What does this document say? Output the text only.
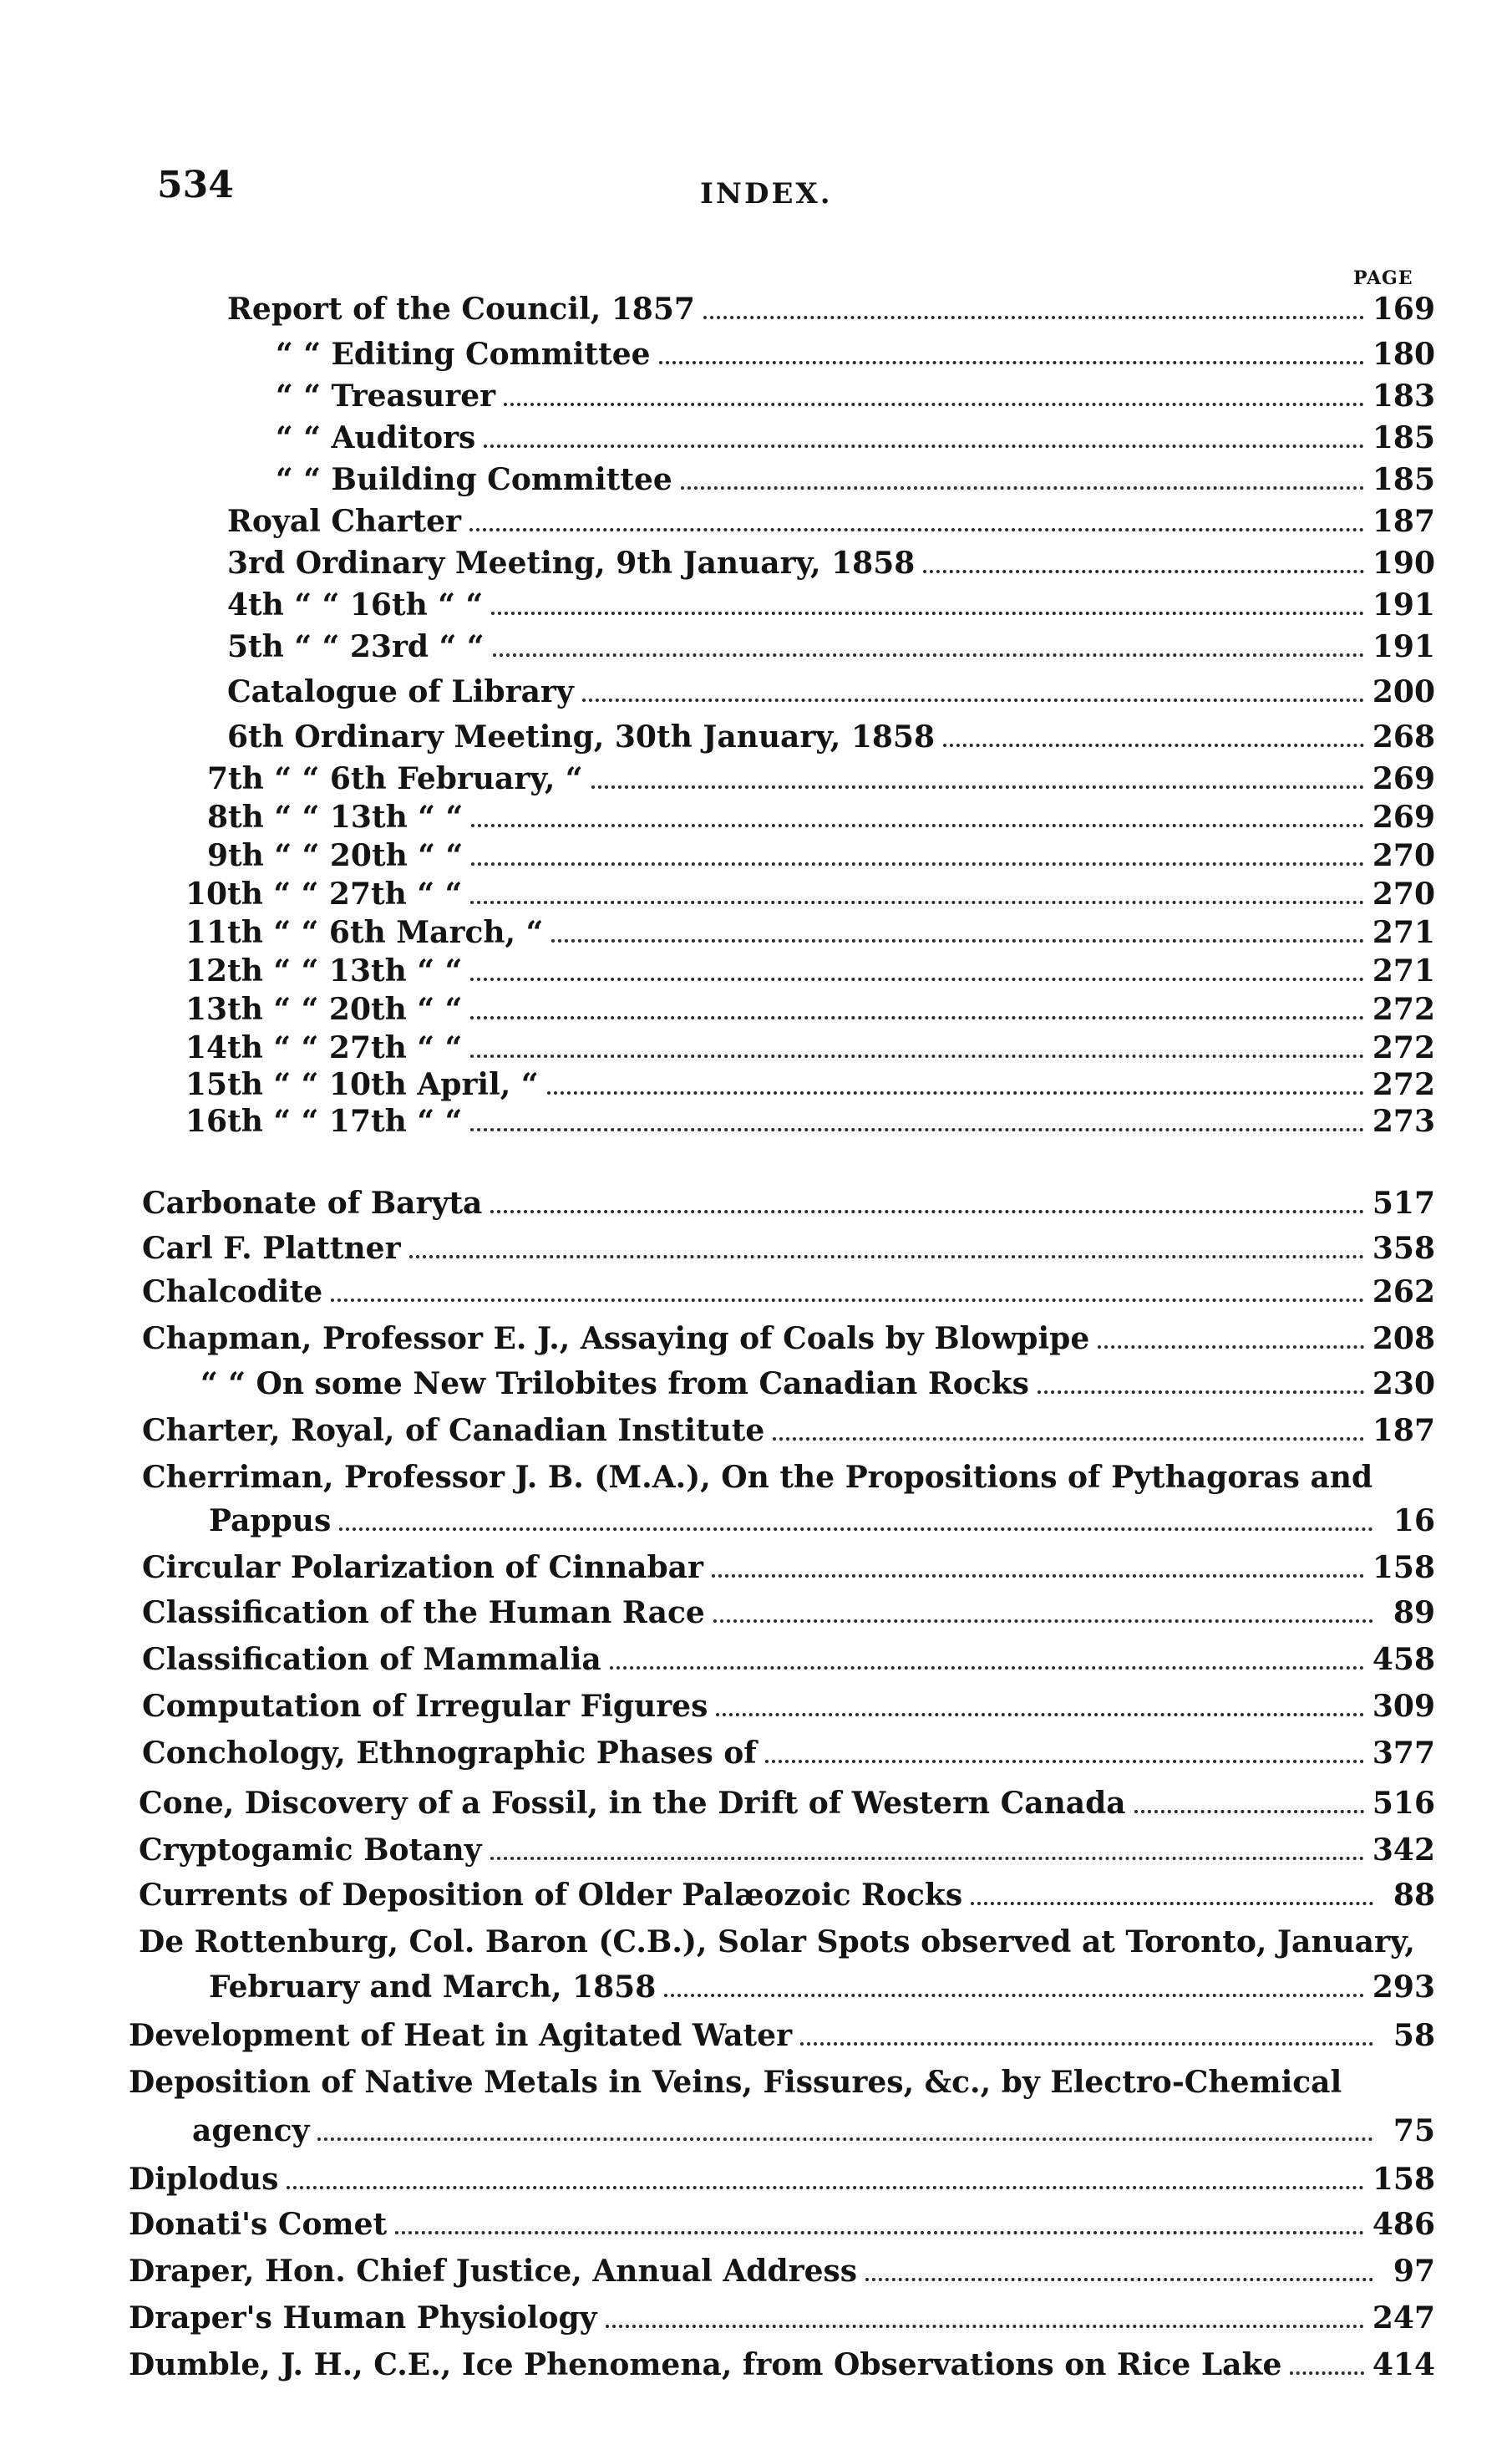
534	INDEX.
PAGE
Report of the Council, 1857	169
“ “ Editing Committee	180
“ “ Treasurer	183
“ “ Auditors	185
“ “ Building Committee	185
Royal Charter	187
3rd Ordinary Meeting, 9th January, 1858	190
4th “ “ 16th “ “	191
5th “ “ 23rd “ “	191
Catalogue of Library	200
6th Ordinary Meeting, 30th January, 1858	268
7th “ “ 6th February, “	269
8th “ “ 13th “ “	269
9th “ “ 20th “ “	270
10th “ “ 27th “ “	270
11th “ “ 6th March, “	271
12th “ “ 13th “ “	271
13th “ “ 20th “ “	272
14th “ “ 27th “ “	272
15th “ “ 10th April, “	272
16th “ “ 17th “ “	273
Carbonate of Baryta	517
Carl F. Plattner	358
Chalcodite	262
Chapman, Professor E. J., Assaying of Coals by Blowpipe	208
“ “ On some New Trilobites from Canadian Rocks	230
Charter, Royal, of Canadian Institute	187
Cherriman, Professor J. B. (M.A.), On the Propositions of Pythagoras and
Pappus	16
Circular Polarization of Cinnabar	158
Classification of the Human Race	89
Classification of Mammalia	458
Computation of Irregular Figures	309
Conchology, Ethnographic Phases of	377
Cone, Discovery of a Fossil, in the Drift of Western Canada	516
Cryptogamic Botany	342
Currents of Deposition of Older Palæozoic Rocks	88
De Rottenburg, Col. Baron (C.B.), Solar Spots observed at Toronto, January,
February and March, 1858	293
Development of Heat in Agitated Water	58
Deposition of Native Metals in Veins, Fissures, &c., by Electro-Chemical
agency	75
Diplodus	158
Donati's Comet	486
Draper, Hon. Chief Justice, Annual Address	97
Draper's Human Physiology	247
Dumble, J. H., C.E., Ice Phenomena, from Observations on Rice Lake	414
